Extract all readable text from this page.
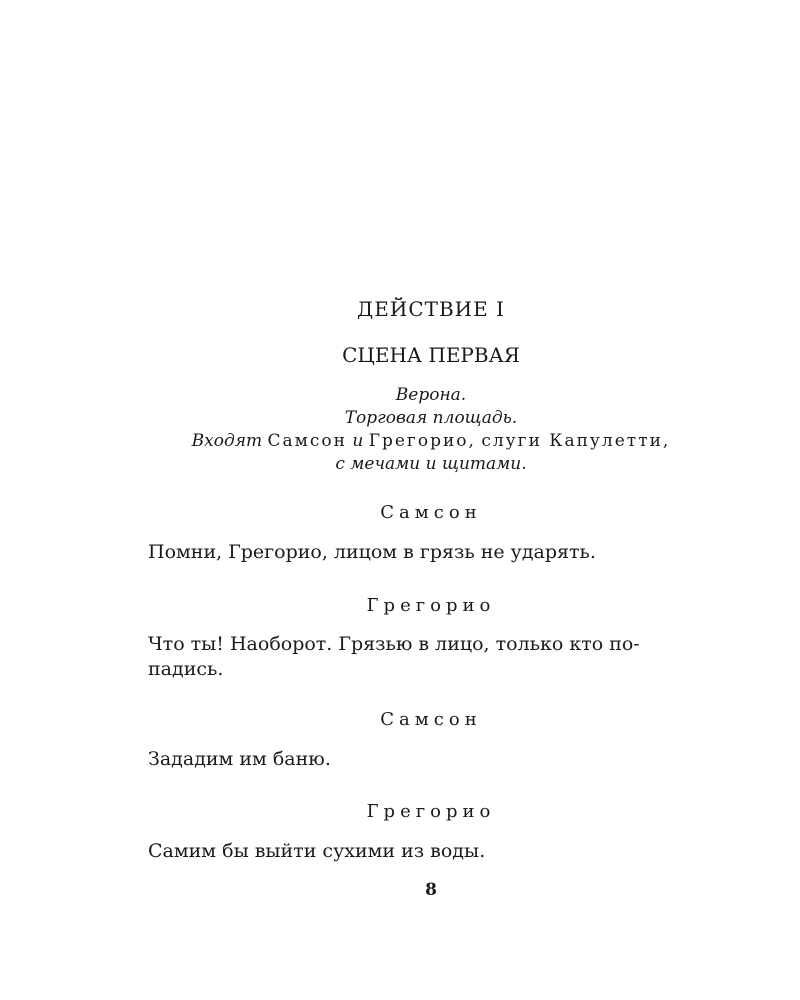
ДЕЙСТВИЕ I
СЦЕНА ПЕРВАЯ
Верона.
Торговая площадь.
Входят Самсон и Грегорио, слуги Капулетти,
с мечами и щитами.
Самсон
Помни, Грегорио, лицом в грязь не ударять.
Грегорио
Что ты! Наоборот. Грязью в лицо, только кто по-
падись.
Самсон
Зададим им баню.
Грегорио
Самим бы выйти сухими из воды.
8
